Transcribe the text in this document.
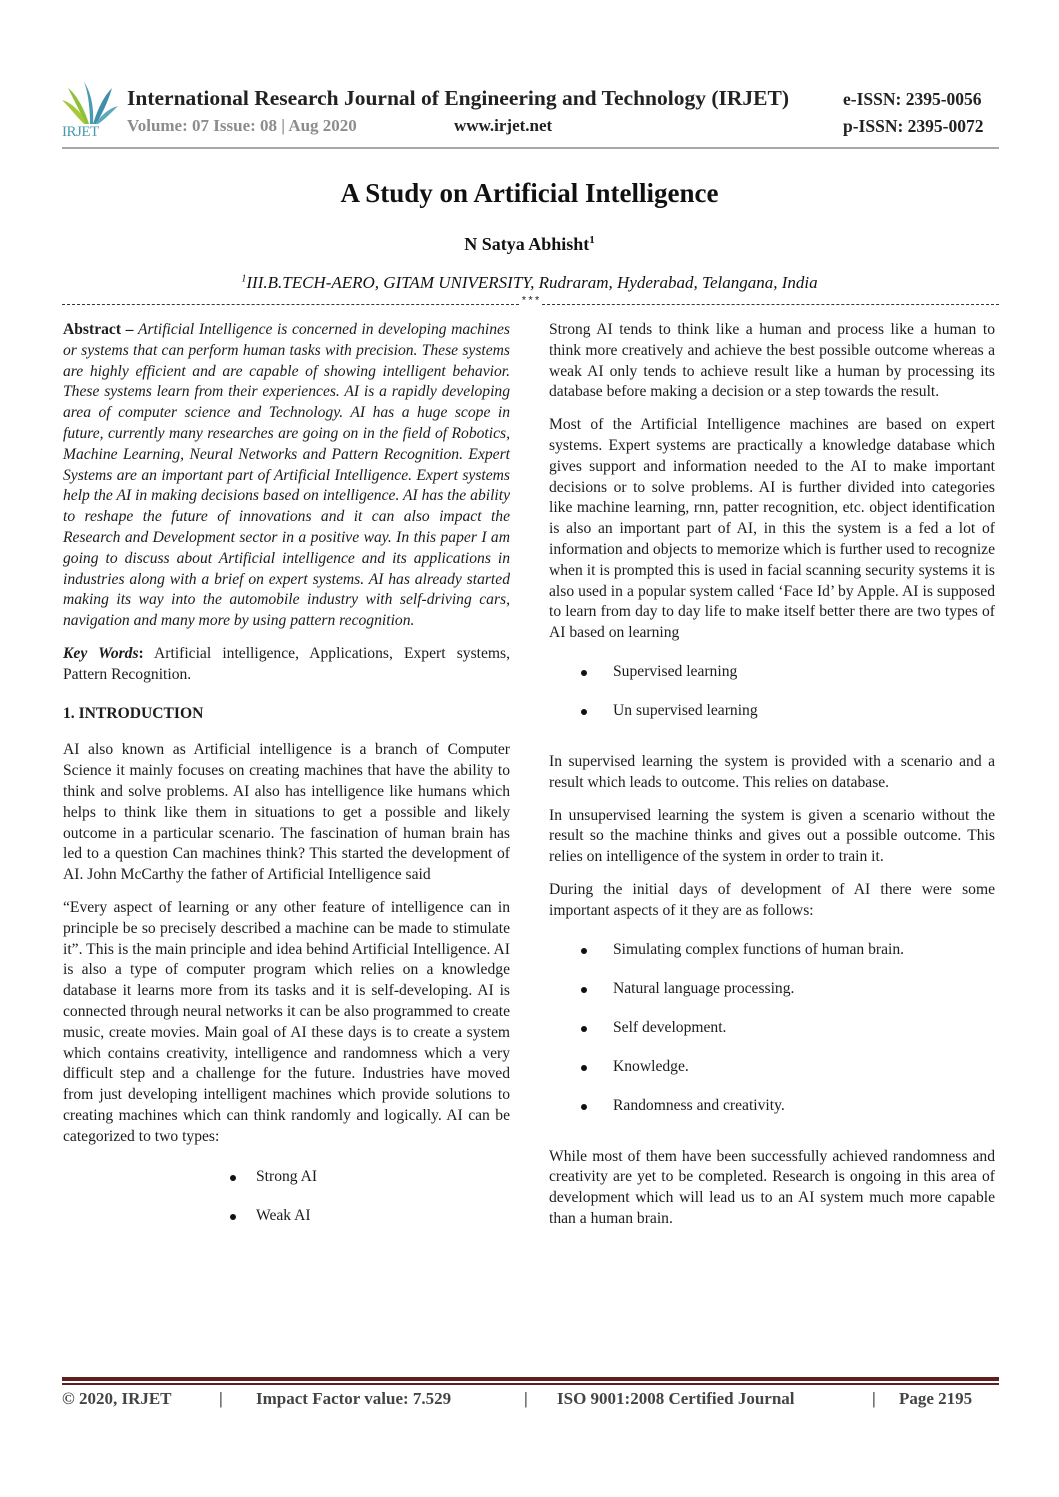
IRJET
International Research Journal of Engineering and Technology (IRJET)	e-ISSN: 2395-0056
Volume: 07 Issue: 08 | Aug 2020	www.irjet.net	p-ISSN: 2395-0072
A Study on Artificial Intelligence
N Satya Abhisht$^1$
$^1$III.B.TECH-AERO, GITAM UNIVERSITY, Rudraram, Hyderabad, Telangana, India
***

Abstract – Artificial Intelligence is concerned in developing machines or systems that can perform human tasks with precision. These systems are highly efficient and are capable of showing intelligent behavior. These systems learn from their experiences. AI is a rapidly developing area of computer science and Technology. AI has a huge scope in future, currently many researches are going on in the field of Robotics, Machine Learning, Neural Networks and Pattern Recognition. Expert Systems are an important part of Artificial Intelligence. Expert systems help the AI in making decisions based on intelligence. AI has the ability to reshape the future of innovations and it can also impact the Research and Development sector in a positive way. In this paper I am going to discuss about Artificial intelligence and its applications in industries along with a brief on expert systems. AI has already started making its way into the automobile industry with self-driving cars, navigation and many more by using pattern recognition.

Key Words: Artificial intelligence, Applications, Expert systems, Pattern Recognition.

1. INTRODUCTION

AI also known as Artificial intelligence is a branch of Computer Science it mainly focuses on creating machines that have the ability to think and solve problems. AI also has intelligence like humans which helps to think like them in situations to get a possible and likely outcome in a particular scenario. The fascination of human brain has led to a question Can machines think? This started the development of AI. John McCarthy the father of Artificial Intelligence said

“Every aspect of learning or any other feature of intelligence can in principle be so precisely described a machine can be made to stimulate it”. This is the main principle and idea behind Artificial Intelligence. AI is also a type of computer program which relies on a knowledge database it learns more from its tasks and it is self-developing. AI is connected through neural networks it can be also programmed to create music, create movies. Main goal of AI these days is to create a system which contains creativity, intelligence and randomness which a very difficult step and a challenge for the future. Industries have moved from just developing intelligent machines which provide solutions to creating machines which can think randomly and logically. AI can be categorized to two types:

Strong AI
Weak AI

Strong AI tends to think like a human and process like a human to think more creatively and achieve the best possible outcome whereas a weak AI only tends to achieve result like a human by processing its database before making a decision or a step towards the result.

Most of the Artificial Intelligence machines are based on expert systems. Expert systems are practically a knowledge database which gives support and information needed to the AI to make important decisions or to solve problems. AI is further divided into categories like machine learning, rnn, patter recognition, etc. object identification is also an important part of AI, in this the system is a fed a lot of information and objects to memorize which is further used to recognize when it is prompted this is used in facial scanning security systems it is also used in a popular system called ‘Face Id’ by Apple. AI is supposed to learn from day to day life to make itself better there are two types of AI based on learning

Supervised learning
Un supervised learning

In supervised learning the system is provided with a scenario and a result which leads to outcome. This relies on database.

In unsupervised learning the system is given a scenario without the result so the machine thinks and gives out a possible outcome. This relies on intelligence of the system in order to train it.

During the initial days of development of AI there were some important aspects of it they are as follows:

Simulating complex functions of human brain.
Natural language processing.
Self development.
Knowledge.
Randomness and creativity.

While most of them have been successfully achieved randomness and creativity are yet to be completed. Research is ongoing in this area of development which will lead us to an AI system much more capable than a human brain.

© 2020, IRJET	|	Impact Factor value: 7.529	|	ISO 9001:2008 Certified Journal	|	Page 2195
